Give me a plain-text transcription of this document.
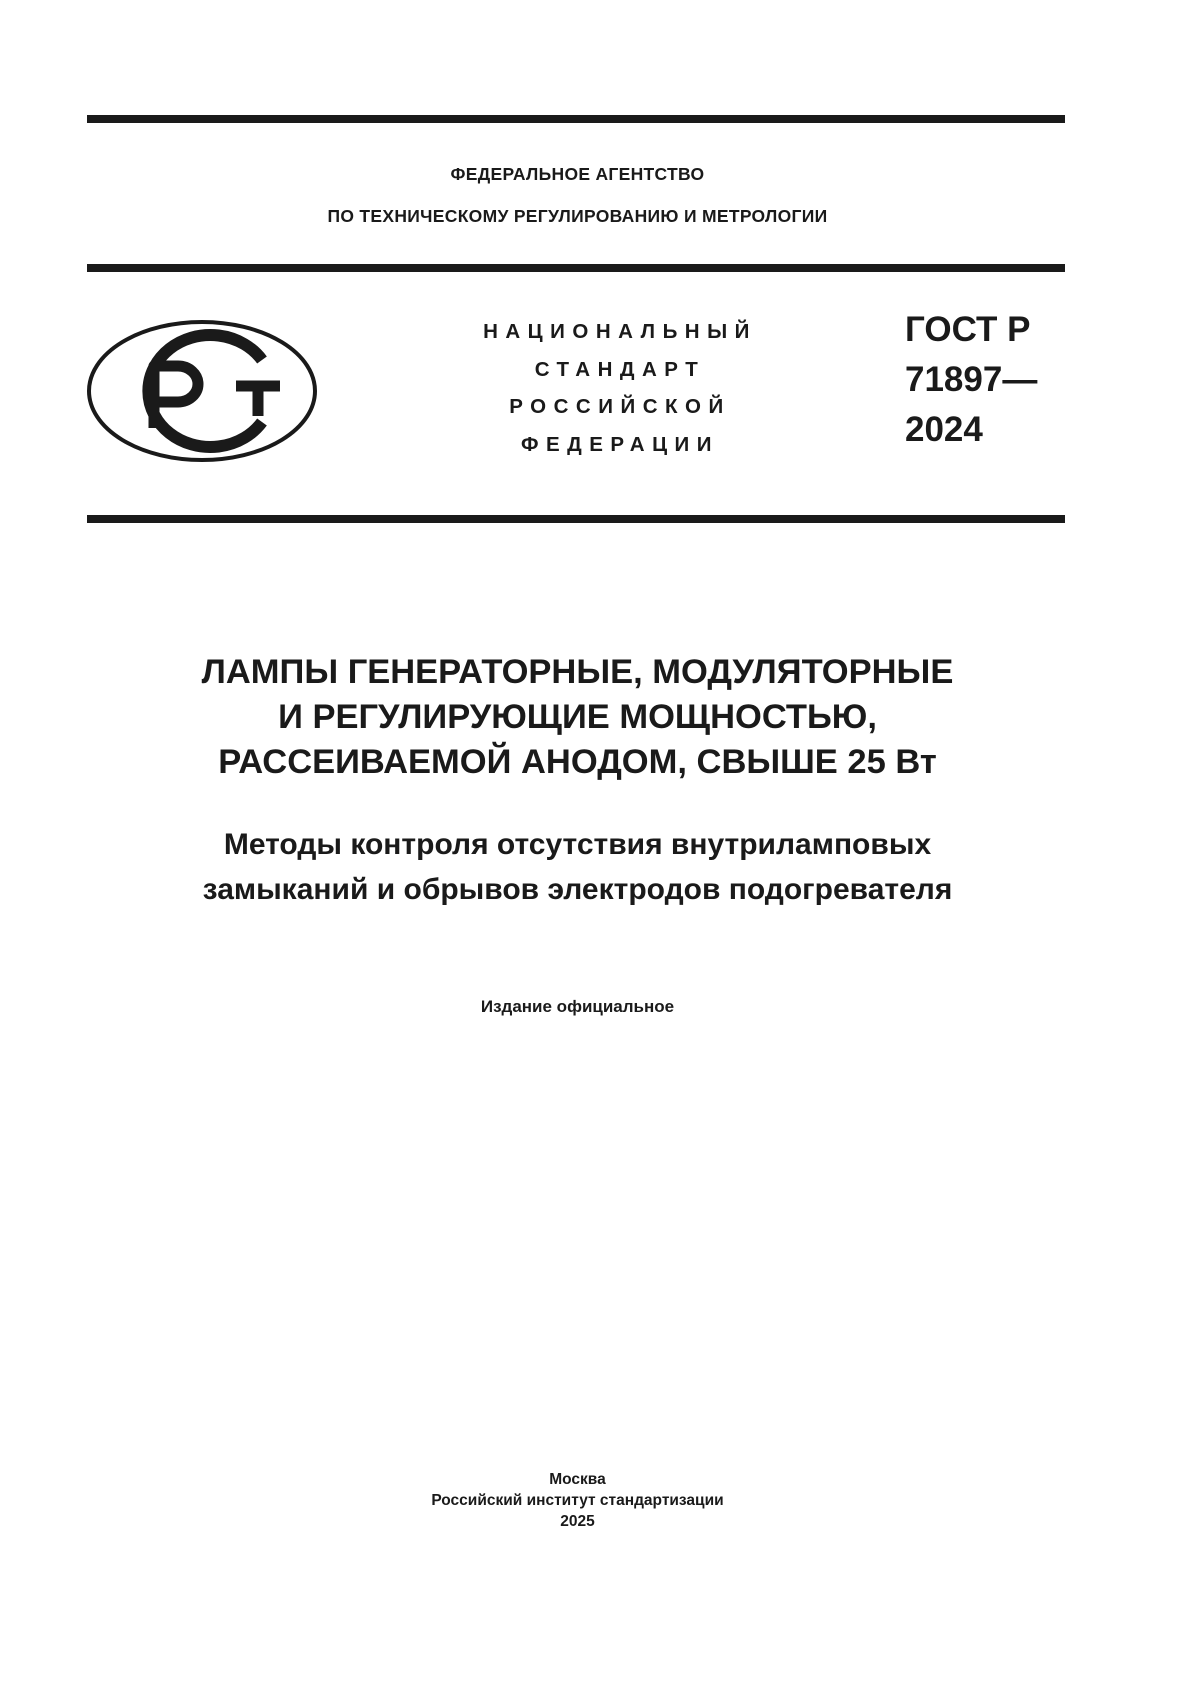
ФЕДЕРАЛЬНОЕ АГЕНТСТВО

ПО ТЕХНИЧЕСКОМУ РЕГУЛИРОВАНИЮ И МЕТРОЛОГИИ

НАЦИОНАЛЬНЫЙ
СТАНДАРТ
РОССИЙСКОЙ
ФЕДЕРАЦИИ

ГОСТ Р
71897—
2024

ЛАМПЫ ГЕНЕРАТОРНЫЕ, МОДУЛЯТОРНЫЕ
И РЕГУЛИРУЮЩИЕ МОЩНОСТЬЮ,
РАССЕИВАЕМОЙ АНОДОМ, СВЫШЕ 25 Вт
Методы контроля отсутствия внутриламповых
замыканий и обрывов электродов подогревателя

Издание официальное

Москва
Российский институт стандартизации
2025
